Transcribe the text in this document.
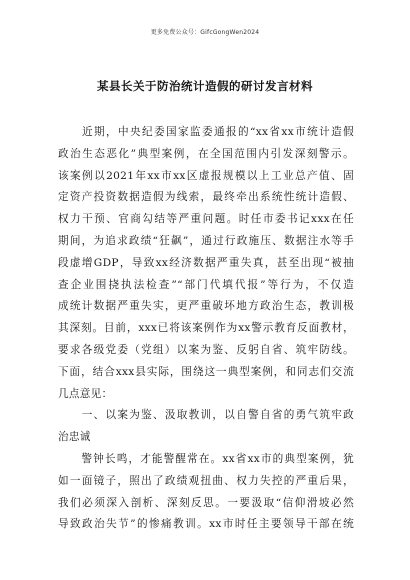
更多免费公众号：GifcGongWen2024
某县长关于防治统计造假的研讨发言材料
　　近期，中央纪委国家监委通报的“xx省xx市统计造假
政治生态恶化”典型案例，在全国范围内引发深刻警示。
该案例以2021年xx市xx区虚报规模以上工业总产值、固
定资产投资数据造假为线索，最终牵出系统性统计造假、
权力干预、官商勾结等严重问题。时任市委书记xxx在任
期间，为追求政绩“狂飙”，通过行政施压、数据注水等手
段虚增GDP，导致xx经济数据严重失真，甚至出现“被抽
查企业围挠执法检查”“部门代填代报”等行为，不仅造
成统计数据严重失实，更严重破坏地方政治生态，教训极
其深刻。目前，xxx已将该案例作为xx警示教育反面教材，
要求各级党委（党组）以案为鉴、反躬自省、筑牢防线。
下面，结合xxx县实际，围绕这一典型案例，和同志们交流
几点意见：
　　一、以案为鉴、汲取教训，以自警自省的勇气筑牢政
治忠诚
　　警钟长鸣，才能警醒常在。xx省xx市的典型案例，犹
如一面镜子，照出了政绩观扭曲、权力失控的严重后果，
我们必须深入剖析、深刻反思。一要汲取“信仰滑坡必然
导致政治失节”的惨痛教训。xx市时任主要领导干部在统
